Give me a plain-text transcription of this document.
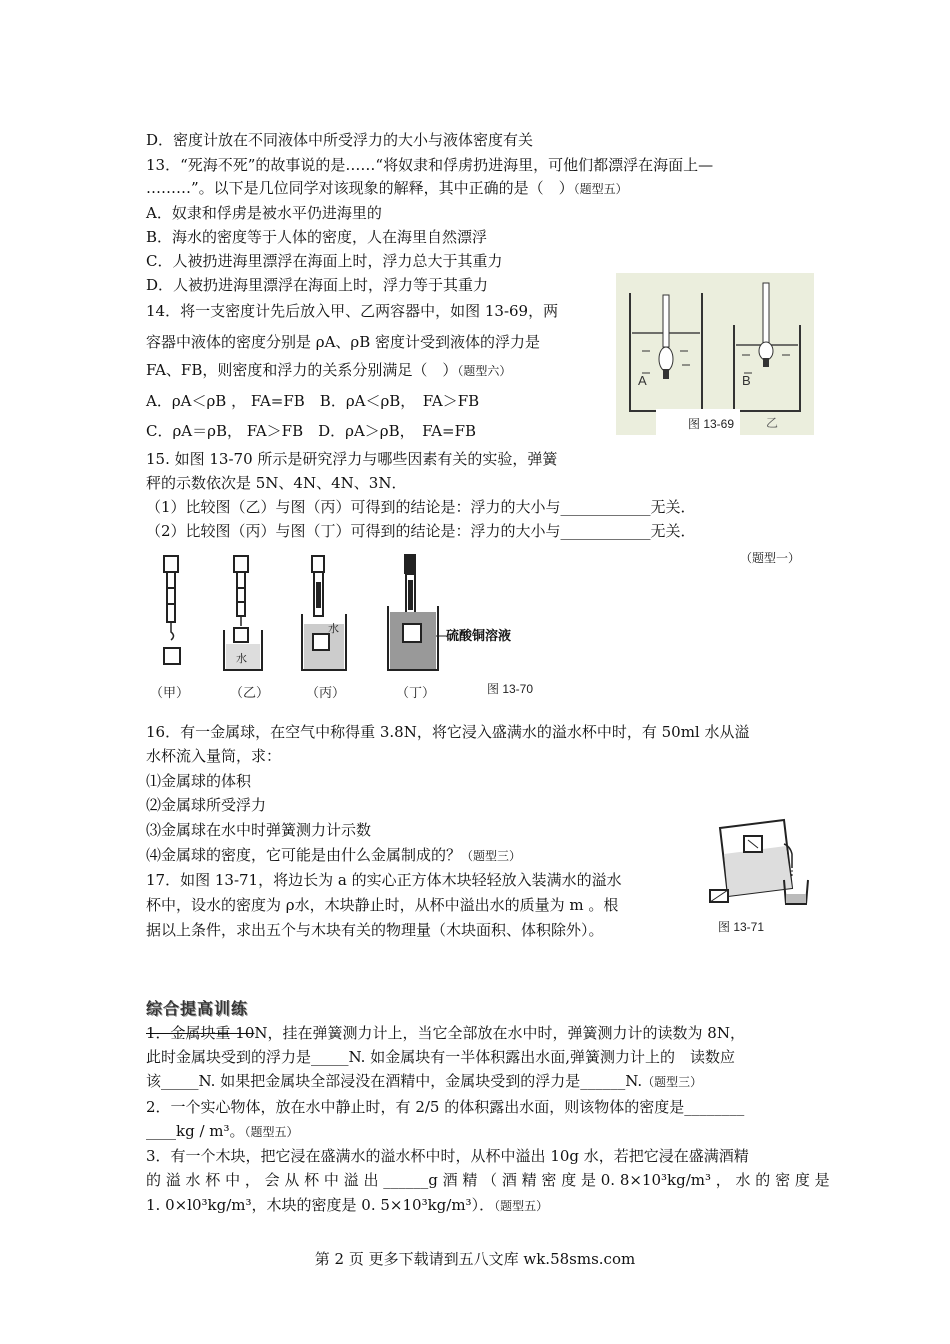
D．密度计放在不同液体中所受浮力的大小与液体密度有关
13．“死海不死”的故事说的是……“将奴隶和俘虏扔进海里，可他们都漂浮在海面上—
………”。以下是几位同学对该现象的解释，其中正确的是（　）（题型五）
A．奴隶和俘虏是被水平仍进海里的
B．海水的密度等于人体的密度，人在海里自然漂浮
C．人被扔进海里漂浮在海面上时，浮力总大于其重力
D．人被扔进海里漂浮在海面上时，浮力等于其重力
14．将一支密度计先后放入甲、乙两容器中，如图 13-69，两
容器中液体的密度分别是 ρA、ρB 密度计受到液体的浮力是
FA、FB，则密度和浮力的关系分别满足（　）（题型六）
A．ρA＜ρB ， FA=FB　B．ρA＜ρB，　FA＞FB
C．ρA＝ρB， FA＞FB　D．ρA＞ρB，　FA=FB
A	B
乙
图 13-69
15. 如图 13-70 所示是研究浮力与哪些因素有关的实验，弹簧
秤的示数依次是 5N、4N、4N、3N．
（1）比较图（乙）与图（丙）可得到的结论是：浮力的大小与____________无关．
（2）比较图（丙）与图（丁）可得到的结论是：浮力的大小与____________无关．
（题型一）
水
水
硫酸铜溶液
（甲）	（乙）	（丙）	（丁）	图 13-70
16．有一金属球，在空气中称得重 3.8N，将它浸入盛满水的溢水杯中时，有 50ml 水从溢
水杯流入量筒，求：
⑴金属球的体积
⑵金属球所受浮力
⑶金属球在水中时弹簧测力计示数
⑷金属球的密度，它可能是由什么金属制成的？（题型三）
17．如图 13-71，将边长为 a 的实心正方体木块轻轻放入装满水的溢水
杯中，设水的密度为 ρ水，木块静止时，从杯中溢出水的质量为 m 。根
据以上条件，求出五个与木块有关的物理量（木块面积、体积除外）。	图 13-71
综合提高训练
1．金属块重 10N，挂在弹簧测力计上，当它全部放在水中时，弹簧测力计的读数为 8N，
此时金属块受到的浮力是_____N. 如金属块有一半体积露出水面,弹簧测力计上的　读数应
该_____N. 如果把金属块全部浸没在酒精中，金属块受到的浮力是______N.（题型三）
2．一个实心物体，放在水中静止时，有 2/5 的体积露出水面，则该物体的密度是________
____kg / m³。（题型五）
3．有一个木块，把它浸在盛满水的溢水杯中时，从杯中溢出 10g 水，若把它浸在盛满酒精
的 溢 水 杯 中 ， 会 从 杯 中 溢 出 ______g 酒 精 （ 酒 精 密 度 是 0. 8×10³kg/m³ ， 水 的 密 度 是
1. 0×l0³kg/m³，木块的密度是 0. 5×10³kg/m³）．（题型五）
第 2 页 更多下载请到五八文库 wk.58sms.com
